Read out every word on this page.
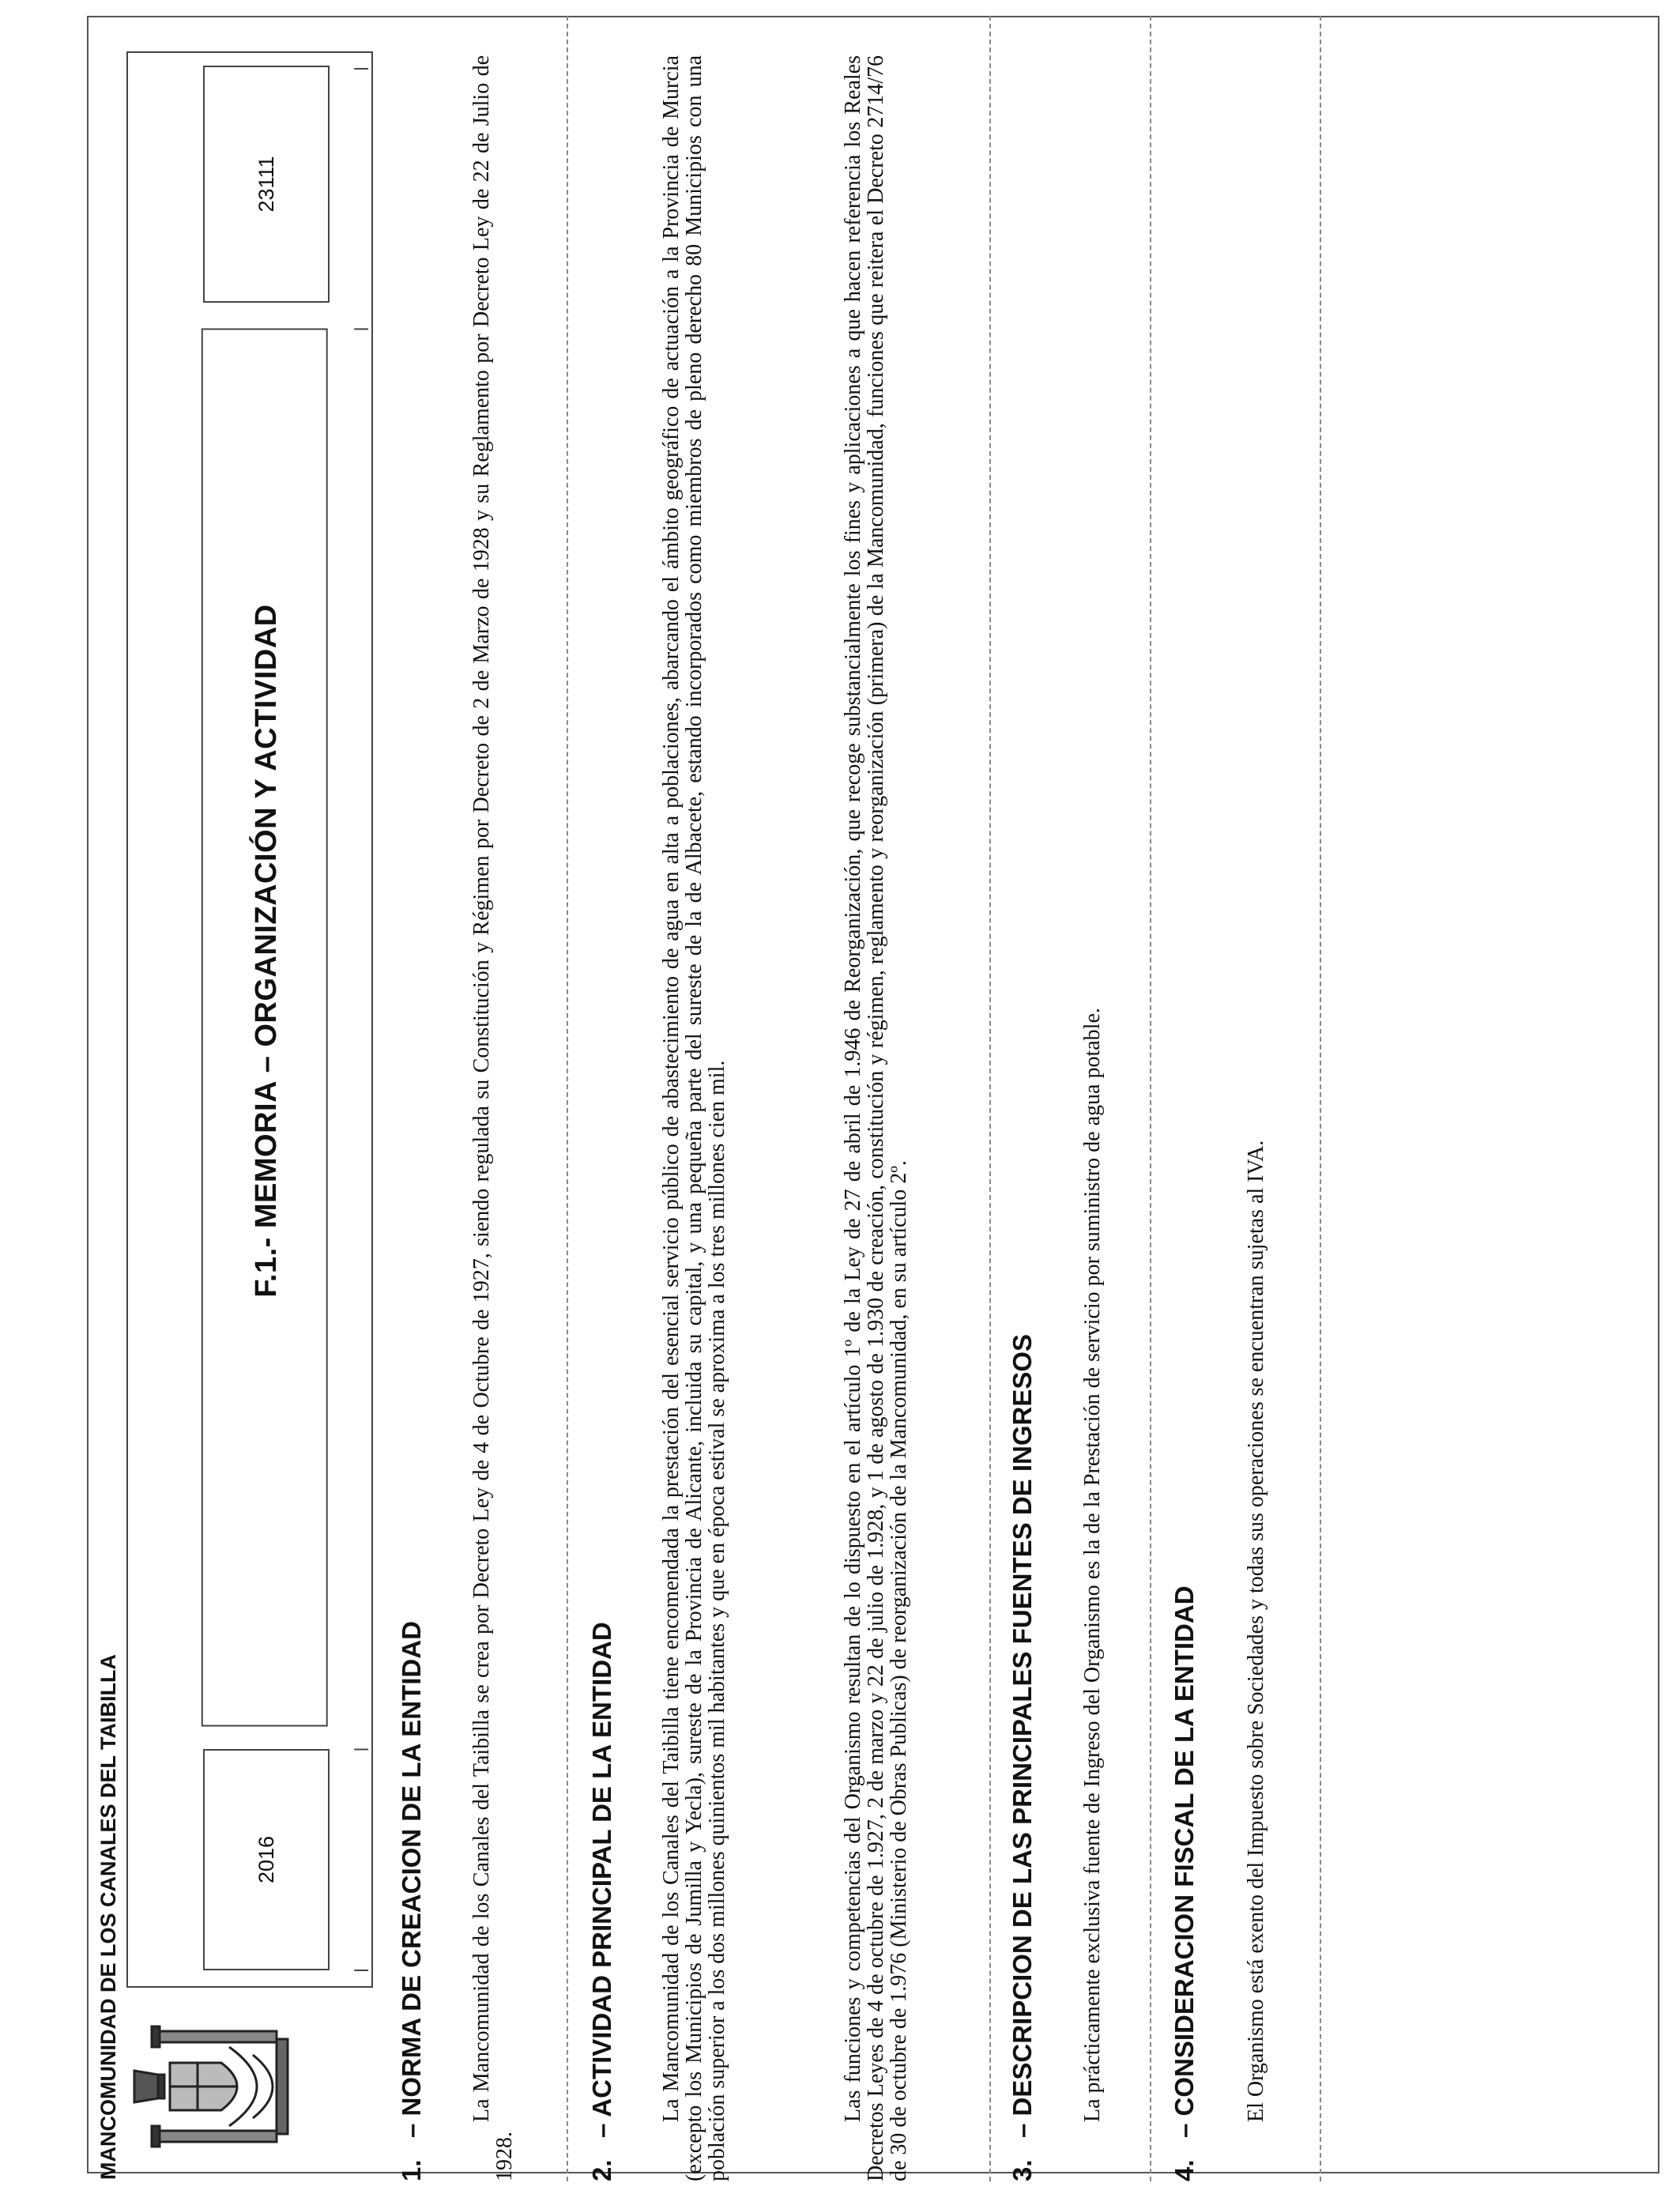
MANCOMUNIDAD DE LOS CANALES DEL TAIBILLA	2016
F.1.- MEMORIA – ORGANIZACIÓN Y ACTIVIDAD
23111
1.– NORMA DE CREACION DE LA ENTIDAD La Mancomunidad de los Canales del Taibilla se crea por Decreto Ley de 4 de Octubre de 1927, siendo regulada su Constitución y Régimen por Decreto de 2 de Marzo de 1928 y su Reglamento por Decreto Ley de 22 de Julio de 1928.	2.– ACTIVIDAD PRINCIPAL DE LA ENTIDAD La Mancomunidad de los Canales del Taibilla tiene encomendada la prestación del esencial servicio público de abastecimiento de agua en alta a poblaciones, abarcando el ámbito geográfico de actuación a la Provincia de Murcia (excepto los Municipios de Jumilla y Yecla), sureste de la Provincia de Alicante, incluida su capital, y una pequeña parte del sureste de la de Albacete, estando incorporados como miembros de pleno derecho 80 Municipios con una población superior a los dos millones quinientos mil habitantes y que en época estival se aproxima a los tres millones cien mil.	Las funciones y competencias del Organismo resultan de lo dispuesto en el artículo 1º de la Ley de 27 de abril de 1.946 de Reorganización, que recoge substancialmente los fines y aplicaciones a que hacen referencia los Reales Decretos Leyes de 4 de octubre de 1.927, 2 de marzo y 22 de julio de 1.928, y 1 de agosto de 1.930 de creación, constitución y régimen, reglamento y reorganización (primera) de la Mancomunidad, funciones que reitera el Decreto 2714/76 de 30 de octubre de 1.976 (Ministerio de Obras Publicas) de reorganización de la Mancomunidad, en su artículo 2º.	3.– DESCRIPCION DE LAS PRINCIPALES FUENTES DE INGRESOS La prácticamente exclusiva fuente de Ingreso del Organismo es la de la Prestación de servicio por suministro de agua potable.
4.– CONSIDERACION FISCAL DE LA ENTIDAD El Organismo está exento del Impuesto sobre Sociedades y todas sus operaciones se encuentran sujetas al IVA.
